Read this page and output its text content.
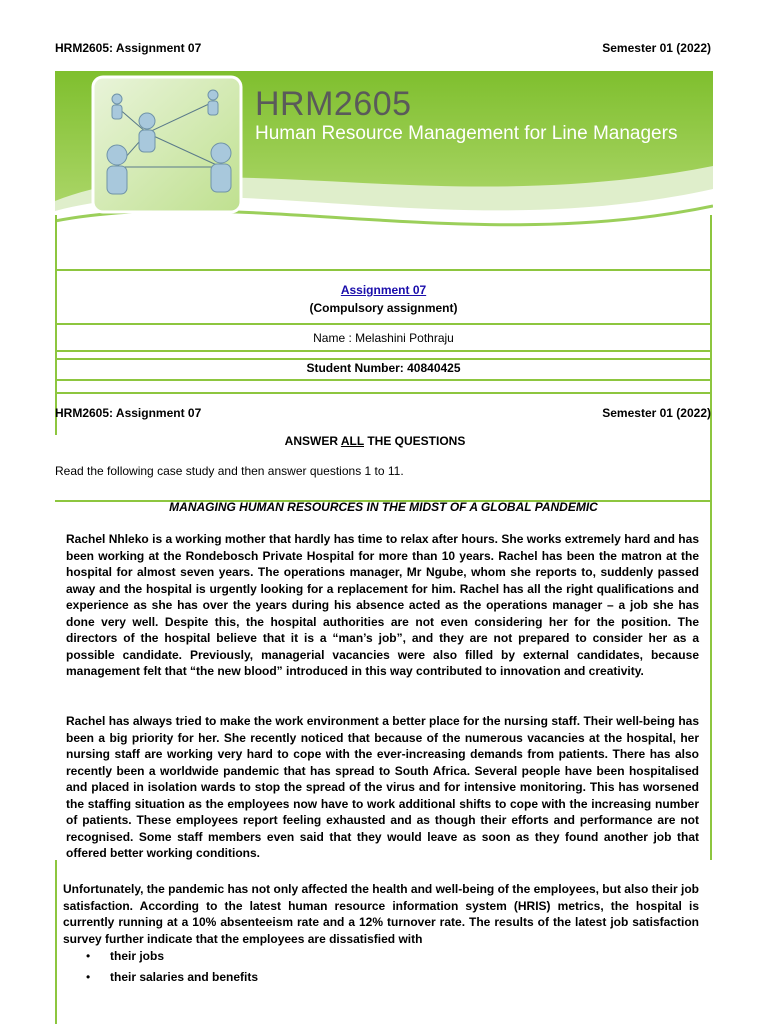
HRM2605: Assignment 07	Semester 01 (2022)
HRM2605
Human Resource Management for Line Managers
Assignment 07
(Compulsory assignment)
Name : Melashini Pothraju
Student Number: 40840425
HRM2605: Assignment 07	Semester 01 (2022)
ANSWER ALL THE QUESTIONS
Read the following case study and then answer questions 1 to 11.
MANAGING HUMAN RESOURCES IN THE MIDST OF A GLOBAL PANDEMIC
Rachel Nhleko is a working mother that hardly has time to relax after hours. She works extremely hard and has been working at the Rondebosch Private Hospital for more than 10 years. Rachel has been the matron at the hospital for almost seven years. The operations manager, Mr Ngube, whom she reports to, suddenly passed away and the hospital is urgently looking for a replacement for him. Rachel has all the right qualifications and experience as she has over the years during his absence acted as the operations manager – a job she has done very well. Despite this, the hospital authorities are not even considering her for the position. The directors of the hospital believe that it is a “man’s job”, and they are not prepared to consider her as a possible candidate. Previously, managerial vacancies were also filled by external candidates, because management felt that “the new blood” introduced in this way contributed to innovation and creativity.
Rachel has always tried to make the work environment a better place for the nursing staff. Their well-being has been a big priority for her. She recently noticed that because of the numerous vacancies at the hospital, her nursing staff are working very hard to cope with the ever-increasing demands from patients. There has also recently been a worldwide pandemic that has spread to South Africa. Several people have been hospitalised and placed in isolation wards to stop the spread of the virus and for intensive monitoring. This has worsened the staffing situation as the employees now have to work additional shifts to cope with the increasing number of patients. These employees report feeling exhausted and as though their efforts and performance are not recognised. Some staff members even said that they would leave as soon as they found another job that offered better working conditions.
Unfortunately, the pandemic has not only affected the health and well-being of the employees, but also their job satisfaction. According to the latest human resource information system (HRIS) metrics, the hospital is currently running at a 10% absenteeism rate and a 12% turnover rate. The results of the latest job satisfaction survey further indicate that the employees are dissatisfied with
• their jobs
• their salaries and benefits
